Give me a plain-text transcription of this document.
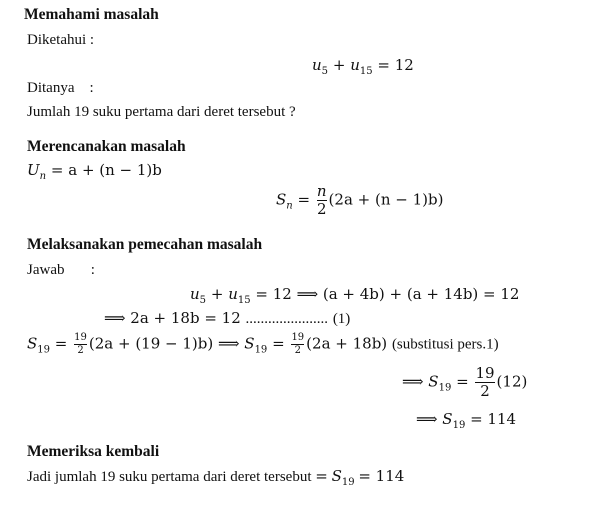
Memahami masalah
Diketahui :
$u_5 + u_{15} = 12$
Ditanya    :
Jumlah 19 suku pertama dari deret tersebut ?
Merencanakan masalah
$U_n = a + (n - 1)b$
$S_n = \frac{n}{2} (2a + (n - 1)b)$
Melaksanakan pemecahan masalah
Jawab       :
$u_5 + u_{15} = 12$ ⟹ (a + 4b) + (a + 14b) = 12
⟹ 2a + 18b = 12 ...................... (1)
$S_{19} = \frac{19}{2} (2a + (19 - 1)b)$ ⟹ $S_{19} = \frac{19}{2} (2a + 18b)$ (substitusi pers.1)
⟹ $S_{19} = \frac{19}{2} (12)$
⟹ $S_{19} = 114$
Memeriksa kembali
Jadi jumlah 19 suku pertama dari deret tersebut = $S_{19} = 114$
